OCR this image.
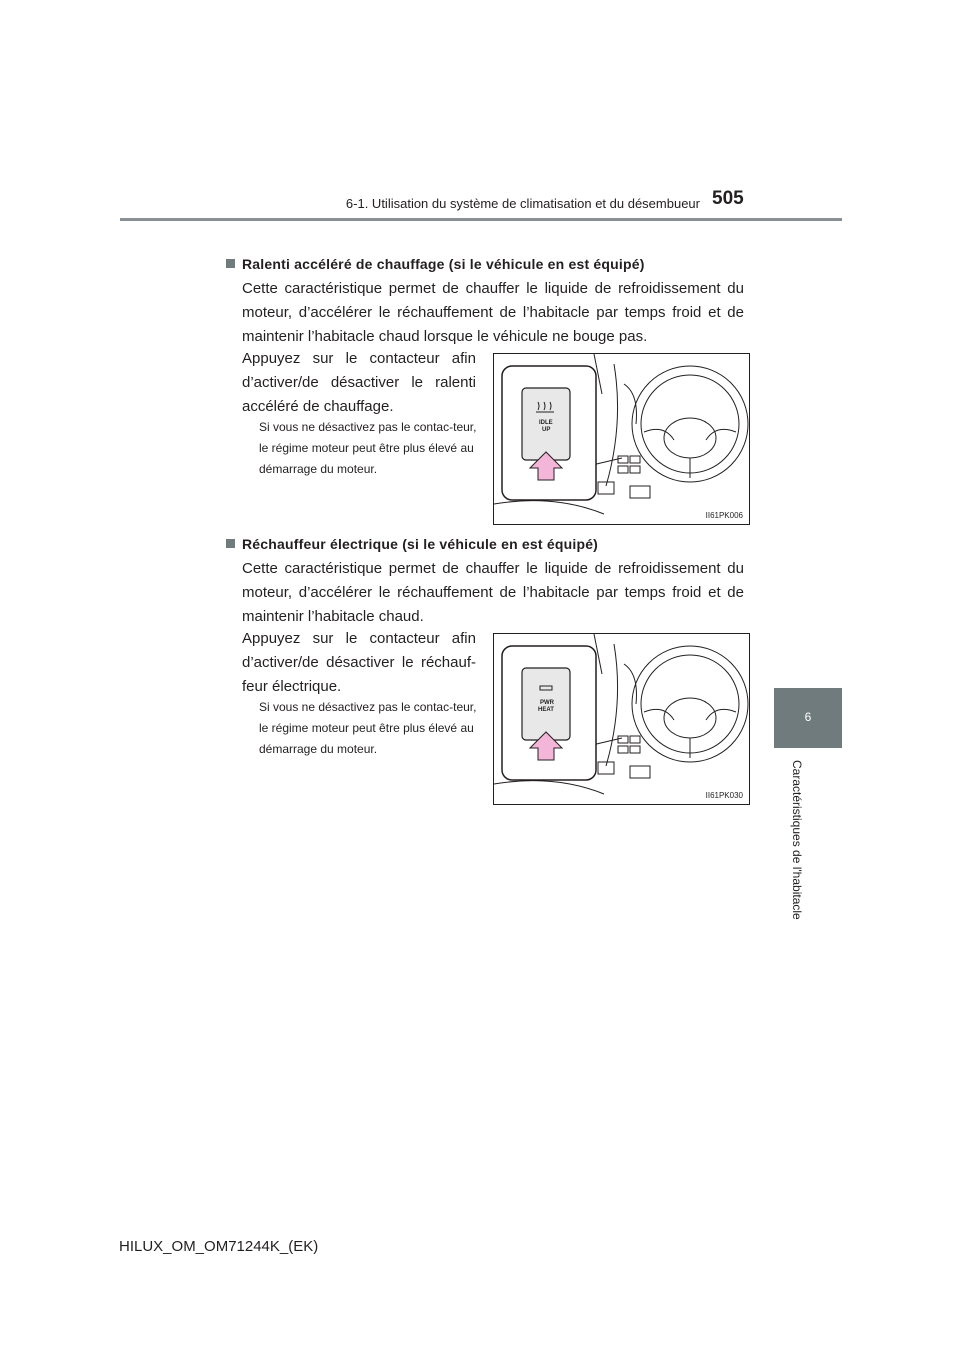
6-1. Utilisation du système de climatisation et du désembueur 505
6
Caractéristiques de l'habitacle
Ralenti accéléré de chauffage (si le véhicule en est équipé)

Cette caractéristique permet de chauffer le liquide de refroidissement du moteur, d’accélérer le réchauffement de l’habitacle par temps froid et de maintenir l’habitacle chaud lorsque le véhicule ne bouge pas.

Appuyez sur le contacteur afin d’activer/de désactiver le ralenti accéléré de chauffage.

Si vous ne désactivez pas le contac-teur, le régime moteur peut être plus élevé au démarrage du moteur.

IDLE
UP
II61PK006
Réchauffeur électrique (si le véhicule en est équipé)

Cette caractéristique permet de chauffer le liquide de refroidissement du moteur, d’accélérer le réchauffement de l’habitacle par temps froid et de maintenir l’habitacle chaud.

Appuyez sur le contacteur afin d’activer/de désactiver le réchauf-feur électrique.

Si vous ne désactivez pas le contac-teur, le régime moteur peut être plus élevé au démarrage du moteur.

PWR
HEAT
II61PK030
HILUX_OM_OM71244K_(EK)
